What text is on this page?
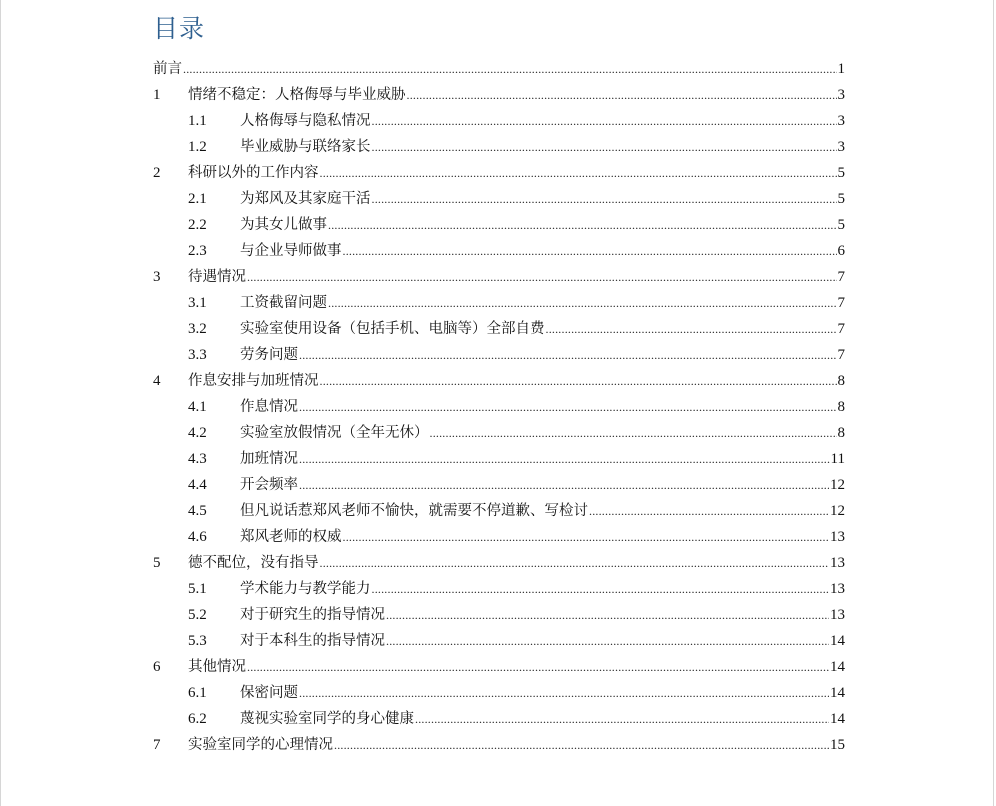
目录
前言 .....	1
1	情绪不稳定：人格侮辱与毕业威胁 .....	3
1.1	人格侮辱与隐私情况 .....	3
1.2	毕业威胁与联络家长 .....	3
2	科研以外的工作内容 .....	5
2.1	为郑风及其家庭干活 .....	5
2.2	为其女儿做事 .....	5
2.3	与企业导师做事 .....	6
3	待遇情况 .....	7
3.1	工资截留问题 .....	7
3.2	实验室使用设备（包括手机、电脑等）全部自费 .....	7
3.3	劳务问题 .....	7
4	作息安排与加班情况 .....	8
4.1	作息情况 .....	8
4.2	实验室放假情况（全年无休） .....	8
4.3	加班情况 .....	11
4.4	开会频率 .....	12
4.5	但凡说话惹郑风老师不愉快，就需要不停道歉、写检讨 .....	12
4.6	郑风老师的权威 .....	13
5	德不配位，没有指导 .....	13
5.1	学术能力与教学能力 .....	13
5.2	对于研究生的指导情况 .....	13
5.3	对于本科生的指导情况 .....	14
6	其他情况 .....	14
6.1	保密问题 .....	14
6.2	蔑视实验室同学的身心健康 .....	14
7	实验室同学的心理情况 .....	15
